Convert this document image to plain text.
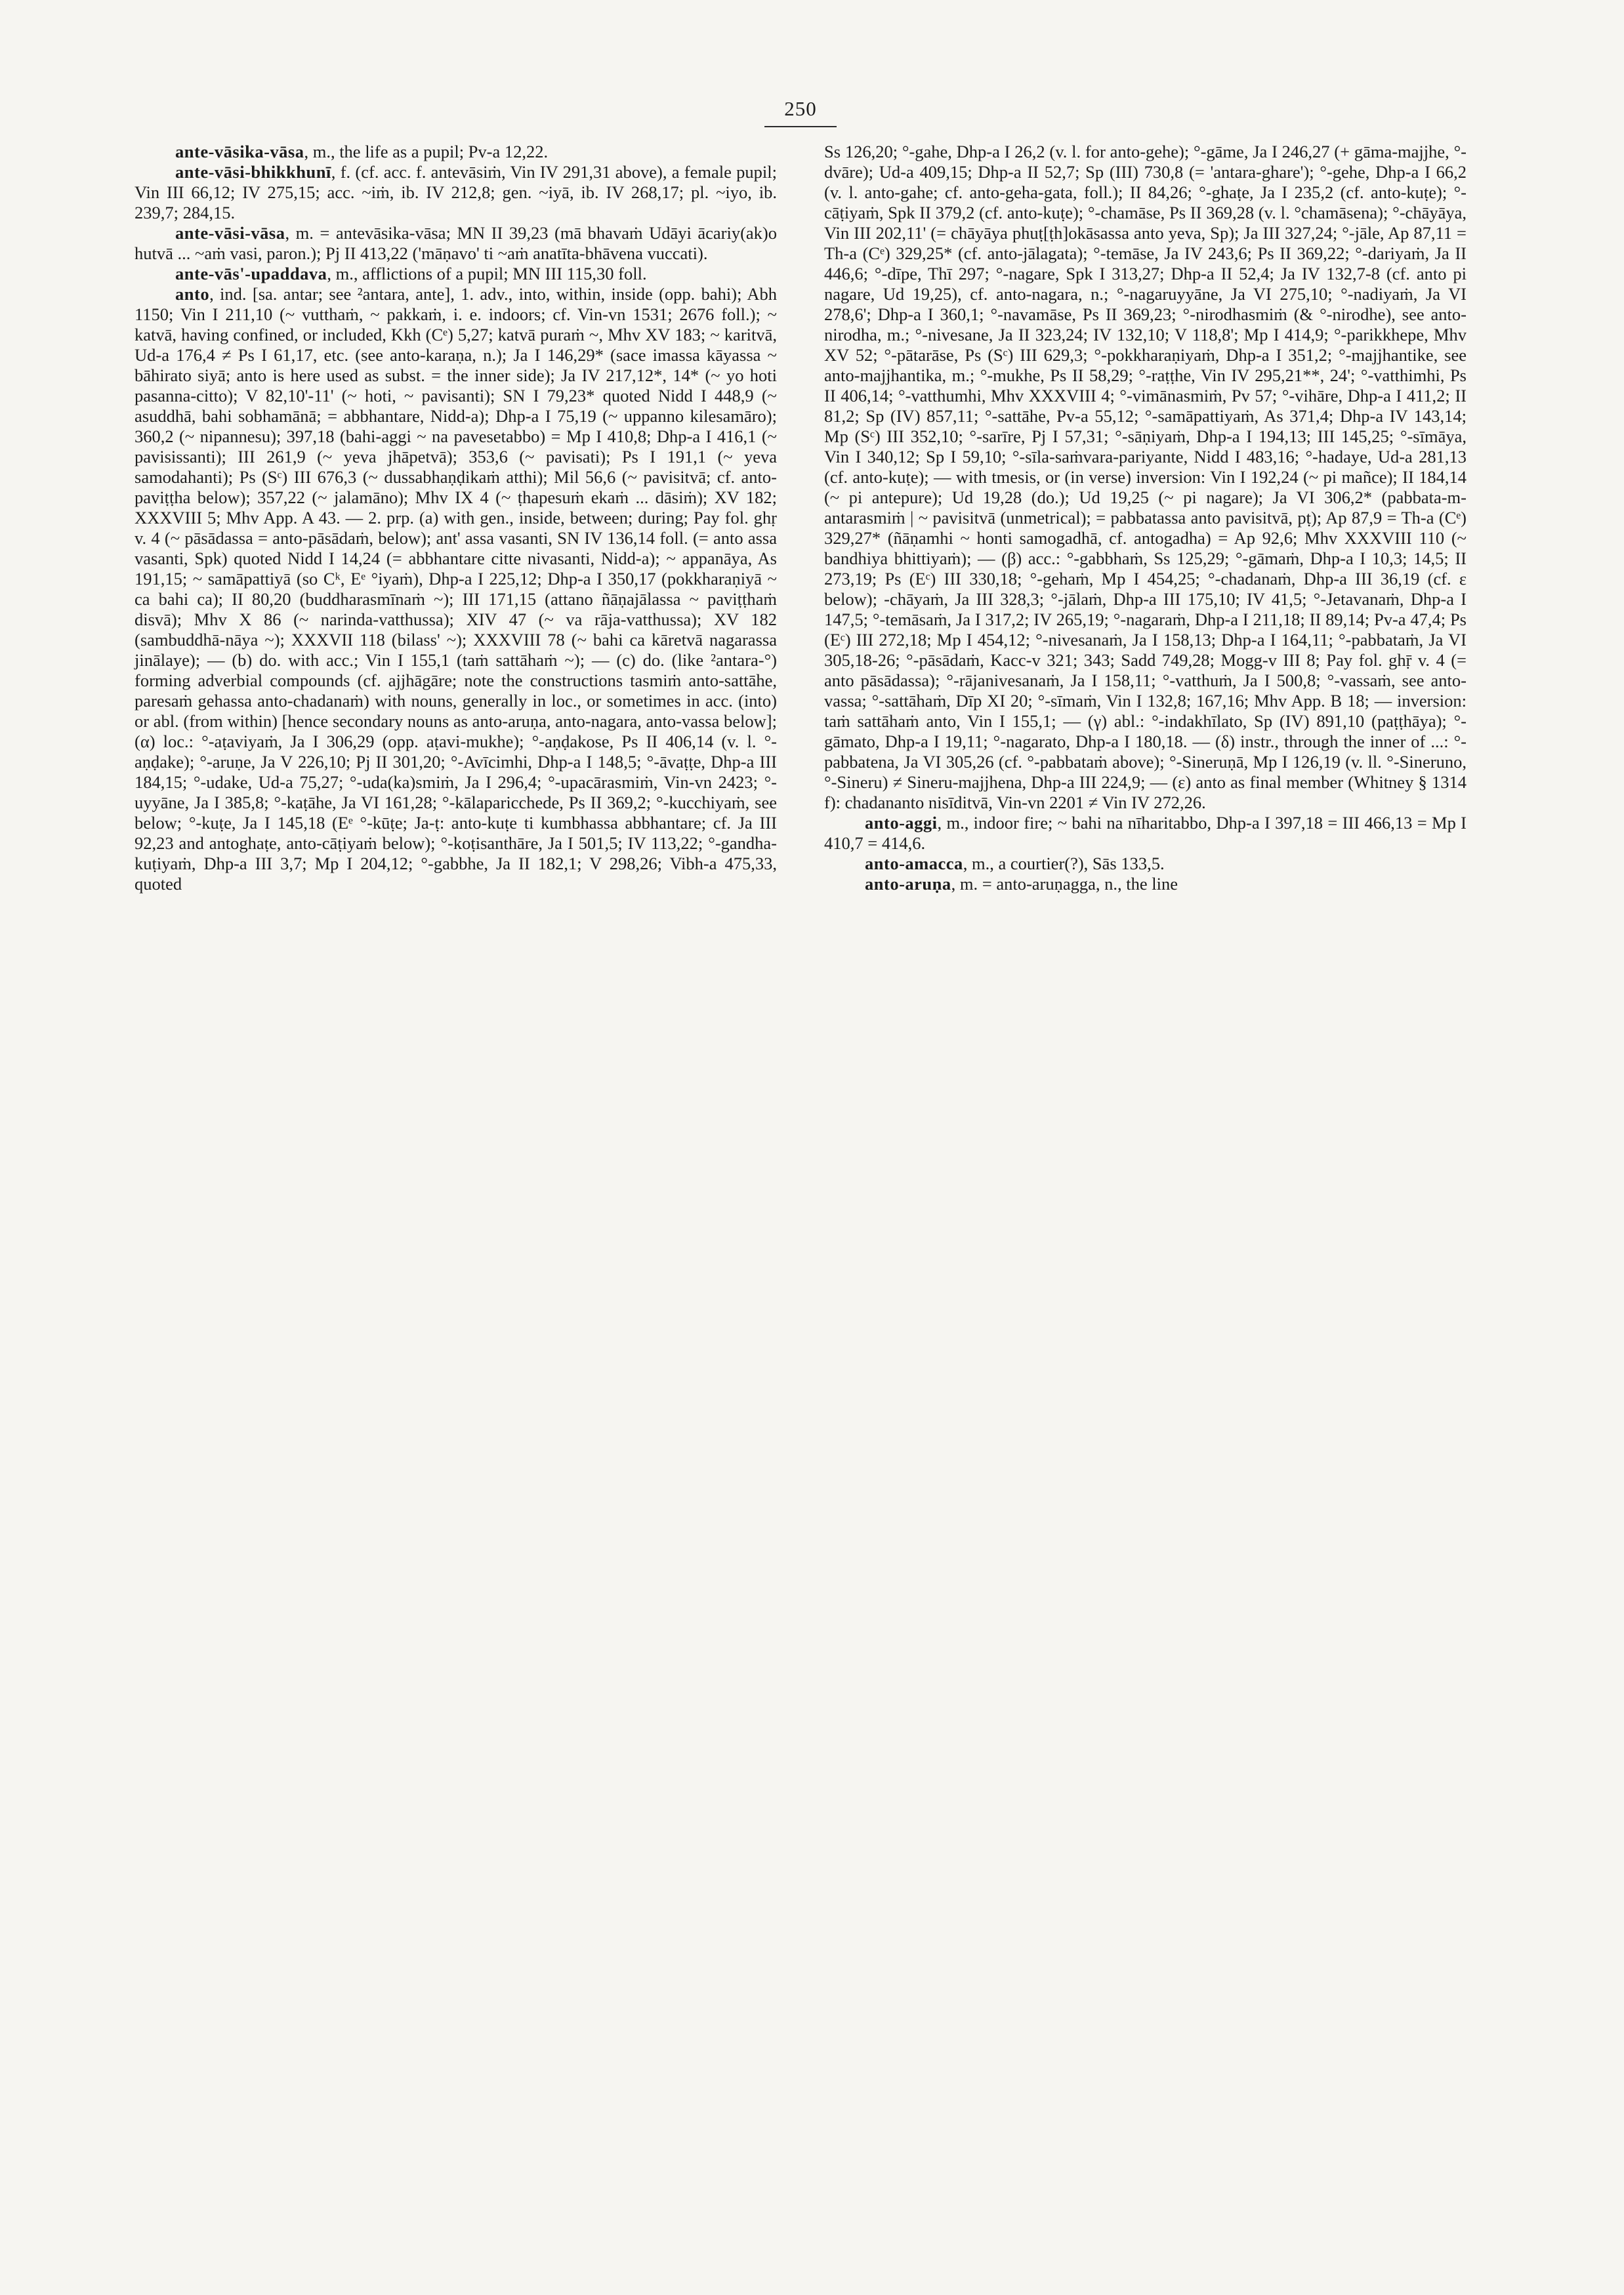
250

ante-vāsika-vāsa, m., the life as a pupil; Pv-a 12,22.

ante-vāsi-bhikkhunī, f. (cf. acc. f. antevāsiṁ, Vin IV 291,31 above), a female pupil; Vin III 66,12; IV 275,15; acc. ~iṁ, ib. IV 212,8; gen. ~iyā, ib. IV 268,17; pl. ~iyo, ib. 239,7; 284,15.

ante-vāsi-vāsa, m. = antevāsika-vāsa; MN II 39,23 (mā bhavaṁ Udāyi ācariy(ak)o hutvā ... ~aṁ vasi, paron.); Pj II 413,22 ('māṇavo' ti ~aṁ anatīta-bhāvena vuccati).

ante-vās'-upaddava, m., afflictions of a pupil; MN III 115,30 foll.

anto, ind. [sa. antar; see ²antara, ante], 1. adv., into, within, inside (opp. bahi); Abh 1150; Vin I 211,10 (~ vutthaṁ, ~ pakkaṁ, i. e. indoors; cf. Vin-vn 1531; 2676 foll.); ~ katvā, having confined, or included, Kkh (Cᵉ) 5,27; katvā puraṁ ~, Mhv XV 183; ~ karitvā, Ud-a 176,4 ≠ Ps I 61,17, etc. (see anto-karaṇa, n.); Ja I 146,29* (sace imassa kāyassa ~ bāhirato siyā; anto is here used as subst. = the inner side); Ja IV 217,12*, 14* (~ yo hoti pasanna-citto); V 82,10'-11' (~ hoti, ~ pavisanti); SN I 79,23* quoted Nidd I 448,9 (~ asuddhā, bahi sobhamānā; = abbhantare, Nidd-a); Dhp-a I 75,19 (~ uppanno kilesamāro); 360,2 (~ nipannesu); 397,18 (bahi-aggi ~ na pavesetabbo) = Mp I 410,8; Dhp-a I 416,1 (~ pavisissanti); III 261,9 (~ yeva jhāpetvā); 353,6 (~ pavisati); Ps I 191,1 (~ yeva samodahanti); Ps (Sᶜ) III 676,3 (~ dussabhaṇḍikaṁ atthi); Mil 56,6 (~ pavisitvā; cf. anto-paviṭṭha below); 357,22 (~ jalamāno); Mhv IX 4 (~ ṭhapesuṁ ekaṁ ... dāsiṁ); XV 182; XXXVIII 5; Mhv App. A 43. — 2. prp. (a) with gen., inside, between; during; Pay fol. ghṛ v. 4 (~ pāsādassa = anto-pāsādaṁ, below); ant' assa vasanti, SN IV 136,14 foll. (= anto assa vasanti, Spk) quoted Nidd I 14,24 (= abbhantare citte nivasanti, Nidd-a); ~ appanāya, As 191,15; ~ samāpattiyā (so Cᵏ, Eᵉ °iyaṁ), Dhp-a I 225,12; Dhp-a I 350,17 (pokkharaṇiyā ~ ca bahi ca); II 80,20 (buddharasmīnaṁ ~); III 171,15 (attano ñāṇajālassa ~ paviṭṭhaṁ disvā); Mhv X 86 (~ narinda-vatthussa); XIV 47 (~ va rāja-vatthussa); XV 182 (sambuddhā-nāya ~); XXXVII 118 (bilass' ~); XXXVIII 78 (~ bahi ca kāretvā nagarassa jinālaye); — (b) do. with acc.; Vin I 155,1 (taṁ sattāhaṁ ~); — (c) do. (like ²antara-°) forming adverbial compounds (cf. ajjhāgāre; note the constructions tasmiṁ anto-sattāhe, paresaṁ gehassa anto-chadanaṁ) with nouns, generally in loc., or sometimes in acc. (into) or abl. (from within) [hence secondary nouns as anto-aruṇa, anto-nagara, anto-vassa below]; (α) loc.: °-aṭaviyaṁ, Ja I 306,29 (opp. aṭavi-mukhe); °-aṇḍakose, Ps II 406,14 (v. l. °-aṇḍake); °-aruṇe, Ja V 226,10; Pj II 301,20; °-Avīcimhi, Dhp-a I 148,5; °-āvaṭṭe, Dhp-a III 184,15; °-udake, Ud-a 75,27; °-uda(ka)smiṁ, Ja I 296,4; °-upacārasmiṁ, Vin-vn 2423; °-uyyāne, Ja I 385,8; °-kaṭāhe, Ja VI 161,28; °-kālaparicchede, Ps II 369,2; °-kucchiyaṁ, see below; °-kuṭe, Ja I 145,18 (Eᵉ °-kūṭe; Ja-ṭ: anto-kuṭe ti kumbhassa abbhantare; cf. Ja III 92,23 and antoghaṭe, anto-cāṭiyaṁ below); °-koṭisanthāre, Ja I 501,5; IV 113,22; °-gandha-kuṭiyaṁ, Dhp-a III 3,7; Mp I 204,12; °-gabbhe, Ja II 182,1; V 298,26; Vibh-a 475,33, quoted

Ss 126,20; °-gahe, Dhp-a I 26,2 (v. l. for anto-gehe); °-gāme, Ja I 246,27 (+ gāma-majjhe, °-dvāre); Ud-a 409,15; Dhp-a II 52,7; Sp (III) 730,8 (= 'antara-ghare'); °-gehe, Dhp-a I 66,2 (v. l. anto-gahe; cf. anto-geha-gata, foll.); II 84,26; °-ghaṭe, Ja I 235,2 (cf. anto-kuṭe); °-cāṭiyaṁ, Spk II 379,2 (cf. anto-kuṭe); °-chamāse, Ps II 369,28 (v. l. °chamāsena); °-chāyāya, Vin III 202,11' (= chāyāya phuṭ[ṭh]okāsassa anto yeva, Sp); Ja III 327,24; °-jāle, Ap 87,11 = Th-a (Cᵉ) 329,25* (cf. anto-jālagata); °-temāse, Ja IV 243,6; Ps II 369,22; °-dariyaṁ, Ja II 446,6; °-dīpe, Thī 297; °-nagare, Spk I 313,27; Dhp-a II 52,4; Ja IV 132,7-8 (cf. anto pi nagare, Ud 19,25), cf. anto-nagara, n.; °-nagaruyyāne, Ja VI 275,10; °-nadiyaṁ, Ja VI 278,6'; Dhp-a I 360,1; °-navamāse, Ps II 369,23; °-nirodhasmiṁ (& °-nirodhe), see anto-nirodha, m.; °-nivesane, Ja II 323,24; IV 132,10; V 118,8'; Mp I 414,9; °-parikkhepe, Mhv XV 52; °-pātarāse, Ps (Sᶜ) III 629,3; °-pokkharaṇiyaṁ, Dhp-a I 351,2; °-majjhantike, see anto-majjhantika, m.; °-mukhe, Ps II 58,29; °-raṭṭhe, Vin IV 295,21**, 24'; °-vatthimhi, Ps II 406,14; °-vatthumhi, Mhv XXXVIII 4; °-vimānasmiṁ, Pv 57; °-vihāre, Dhp-a I 411,2; II 81,2; Sp (IV) 857,11; °-sattāhe, Pv-a 55,12; °-samāpattiyaṁ, As 371,4; Dhp-a IV 143,14; Mp (Sᶜ) III 352,10; °-sarīre, Pj I 57,31; °-sāṇiyaṁ, Dhp-a I 194,13; III 145,25; °-sīmāya, Vin I 340,12; Sp I 59,10; °-sīla-saṁvara-pariyante, Nidd I 483,16; °-hadaye, Ud-a 281,13 (cf. anto-kuṭe); — with tmesis, or (in verse) inversion: Vin I 192,24 (~ pi mañce); II 184,14 (~ pi antepure); Ud 19,28 (do.); Ud 19,25 (~ pi nagare); Ja VI 306,2* (pabbata-m-antarasmiṁ | ~ pavisitvā (unmetrical); = pabbatassa anto pavisitvā, pṭ); Ap 87,9 = Th-a (Cᵉ) 329,27* (ñāṇamhi ~ honti samogadhā, cf. antogadha) = Ap 92,6; Mhv XXXVIII 110 (~ bandhiya bhittiyaṁ); — (β) acc.: °-gabbhaṁ, Ss 125,29; °-gāmaṁ, Dhp-a I 10,3; 14,5; II 273,19; Ps (Eᶜ) III 330,18; °-gehaṁ, Mp I 454,25; °-chadanaṁ, Dhp-a III 36,19 (cf. ε below); -chāyaṁ, Ja III 328,3; °-jālaṁ, Dhp-a III 175,10; IV 41,5; °-Jetavanaṁ, Dhp-a I 147,5; °-temāsaṁ, Ja I 317,2; IV 265,19; °-nagaraṁ, Dhp-a I 211,18; II 89,14; Pv-a 47,4; Ps (Eᶜ) III 272,18; Mp I 454,12; °-nivesanaṁ, Ja I 158,13; Dhp-a I 164,11; °-pabbataṁ, Ja VI 305,18-26; °-pāsādaṁ, Kacc-v 321; 343; Sadd 749,28; Mogg-v III 8; Pay fol. ghṝ v. 4 (= anto pāsādassa); °-rājanivesanaṁ, Ja I 158,11; °-vatthuṁ, Ja I 500,8; °-vassaṁ, see anto-vassa; °-sattāhaṁ, Dīp XI 20; °-sīmaṁ, Vin I 132,8; 167,16; Mhv App. B 18; — inversion: taṁ sattāhaṁ anto, Vin I 155,1; — (γ) abl.: °-indakhīlato, Sp (IV) 891,10 (paṭṭhāya); °-gāmato, Dhp-a I 19,11; °-nagarato, Dhp-a I 180,18. — (δ) instr., through the inner of ...: °-pabbatena, Ja VI 305,26 (cf. °-pabbataṁ above); °-Sineruṇā, Mp I 126,19 (v. ll. °-Sineruno, °-Sineru) ≠ Sineru-majjhena, Dhp-a III 224,9; — (ε) anto as final member (Whitney § 1314 f): chadananto nisīditvā, Vin-vn 2201 ≠ Vin IV 272,26.

anto-aggi, m., indoor fire; ~ bahi na nīharitabbo, Dhp-a I 397,18 = III 466,13 = Mp I 410,7 = 414,6.

anto-amacca, m., a courtier(?), Sās 133,5.

anto-aruṇa, m. = anto-aruṇagga, n., the line
